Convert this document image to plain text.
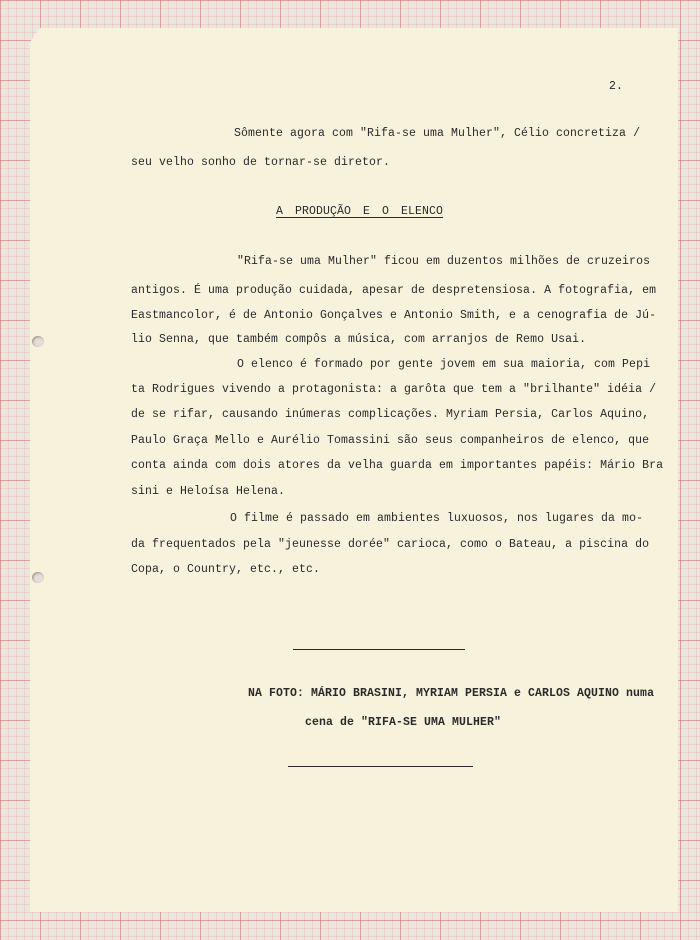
2.

Sômente agora com "Rifa-se uma Mulher", Célio concretiza /

seu velho sonho de tornar-se diretor.

A PRODUÇÃO E O ELENCO

"Rifa-se uma Mulher" ficou em duzentos milhões de cruzeiros

antigos. É uma produção cuidada, apesar de despretensiosa. A fotografia, em

Eastmancolor, é de Antonio Gonçalves e Antonio Smith, e a cenografia de Jú-

lio Senna, que também compôs a música, com arranjos de Remo Usai.

O elenco é formado por gente jovem em sua maioria, com Pepi

ta Rodrigues vivendo a protagonista: a garôta que tem a "brilhante" idéia /

de se rifar, causando inúmeras complicações. Myriam Persia, Carlos Aquino,

Paulo Graça Mello e Aurélio Tomassini são seus companheiros de elenco, que

conta ainda com dois atores da velha guarda em importantes papéis: Mário Bra

sini e Heloísa Helena.

O filme é passado em ambientes luxuosos, nos lugares da mo-

da frequentados pela "jeunesse dorée" carioca, como o Bateau, a piscina do

Copa, o Country, etc., etc.

NA FOTO: MÁRIO BRASINI, MYRIAM PERSIA e CARLOS AQUINO numa

cena de "RIFA-SE UMA MULHER"
